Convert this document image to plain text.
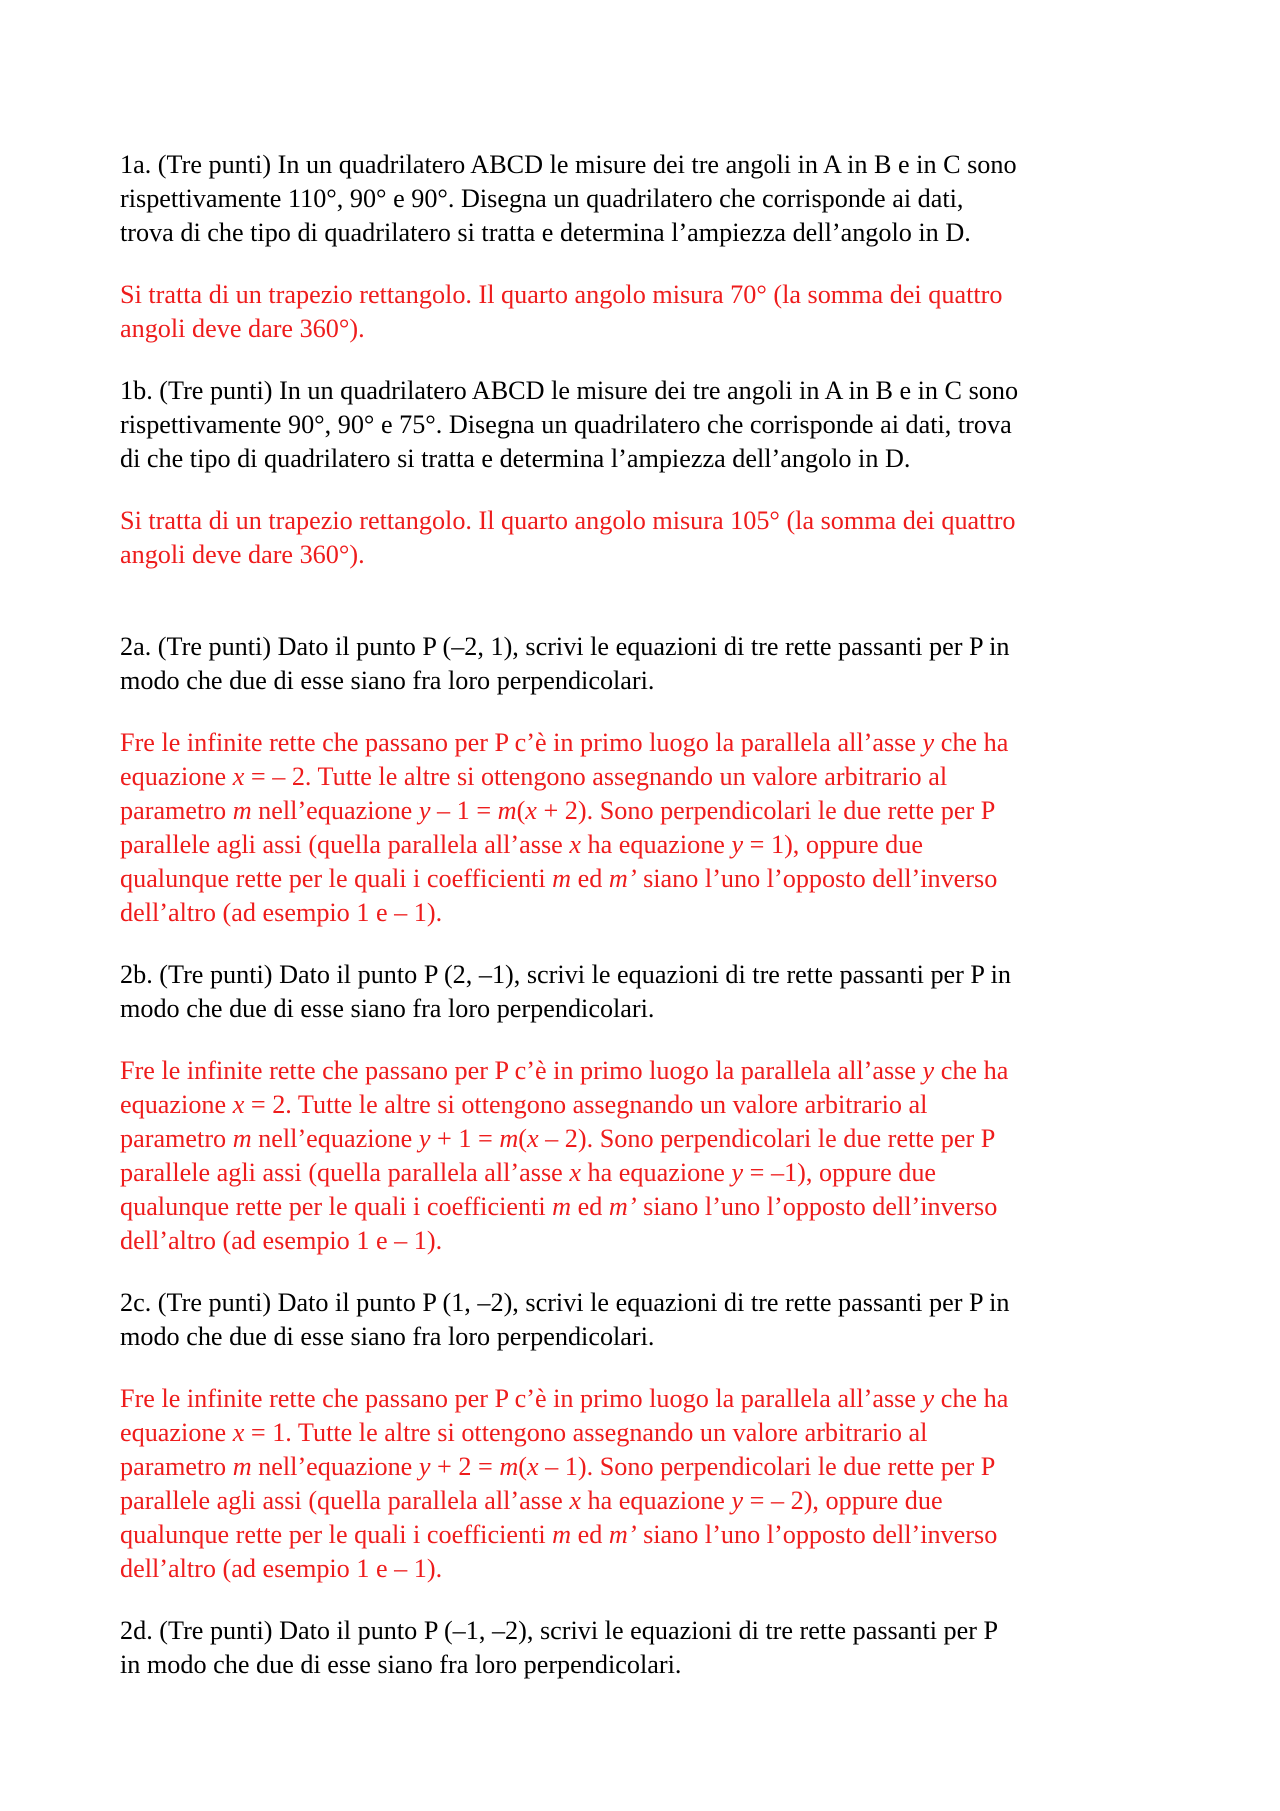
1a. (Tre punti) In un quadrilatero ABCD le misure dei tre angoli in A in B e in C sono
rispettivamente 110°, 90° e 90°. Disegna un quadrilatero che corrisponde ai dati,
trova di che tipo di quadrilatero si tratta e determina l’ampiezza dell’angolo in D.

Si tratta di un trapezio rettangolo. Il quarto angolo misura 70° (la somma dei quattro
angoli deve dare 360°).

1b. (Tre punti) In un quadrilatero ABCD le misure dei tre angoli in A in B e in C sono
rispettivamente 90°, 90° e 75°. Disegna un quadrilatero che corrisponde ai dati, trova
di che tipo di quadrilatero si tratta e determina l’ampiezza dell’angolo in D.

Si tratta di un trapezio rettangolo. Il quarto angolo misura 105° (la somma dei quattro
angoli deve dare 360°).

2a. (Tre punti) Dato il punto P (–2, 1), scrivi le equazioni di tre rette passanti per P in
modo che due di esse siano fra loro perpendicolari.

Fre le infinite rette che passano per P c’è in primo luogo la parallela all’asse y che ha
equazione x = – 2. Tutte le altre si ottengono assegnando un valore arbitrario al
parametro m nell’equazione y – 1 = m(x + 2). Sono perpendicolari le due rette per P
parallele agli assi (quella parallela all’asse x ha equazione y = 1), oppure due
qualunque rette per le quali i coefficienti m ed m’ siano l’uno l’opposto dell’inverso
dell’altro (ad esempio 1 e – 1).

2b. (Tre punti) Dato il punto P (2, –1), scrivi le equazioni di tre rette passanti per P in
modo che due di esse siano fra loro perpendicolari.

Fre le infinite rette che passano per P c’è in primo luogo la parallela all’asse y che ha
equazione x = 2. Tutte le altre si ottengono assegnando un valore arbitrario al
parametro m nell’equazione y + 1 = m(x – 2). Sono perpendicolari le due rette per P
parallele agli assi (quella parallela all’asse x ha equazione y = –1), oppure due
qualunque rette per le quali i coefficienti m ed m’ siano l’uno l’opposto dell’inverso
dell’altro (ad esempio 1 e – 1).

2c. (Tre punti) Dato il punto P (1, –2), scrivi le equazioni di tre rette passanti per P in
modo che due di esse siano fra loro perpendicolari.

Fre le infinite rette che passano per P c’è in primo luogo la parallela all’asse y che ha
equazione x = 1. Tutte le altre si ottengono assegnando un valore arbitrario al
parametro m nell’equazione y + 2 = m(x – 1). Sono perpendicolari le due rette per P
parallele agli assi (quella parallela all’asse x ha equazione y = – 2), oppure due
qualunque rette per le quali i coefficienti m ed m’ siano l’uno l’opposto dell’inverso
dell’altro (ad esempio 1 e – 1).

2d. (Tre punti) Dato il punto P (–1, –2), scrivi le equazioni di tre rette passanti per P
in modo che due di esse siano fra loro perpendicolari.
